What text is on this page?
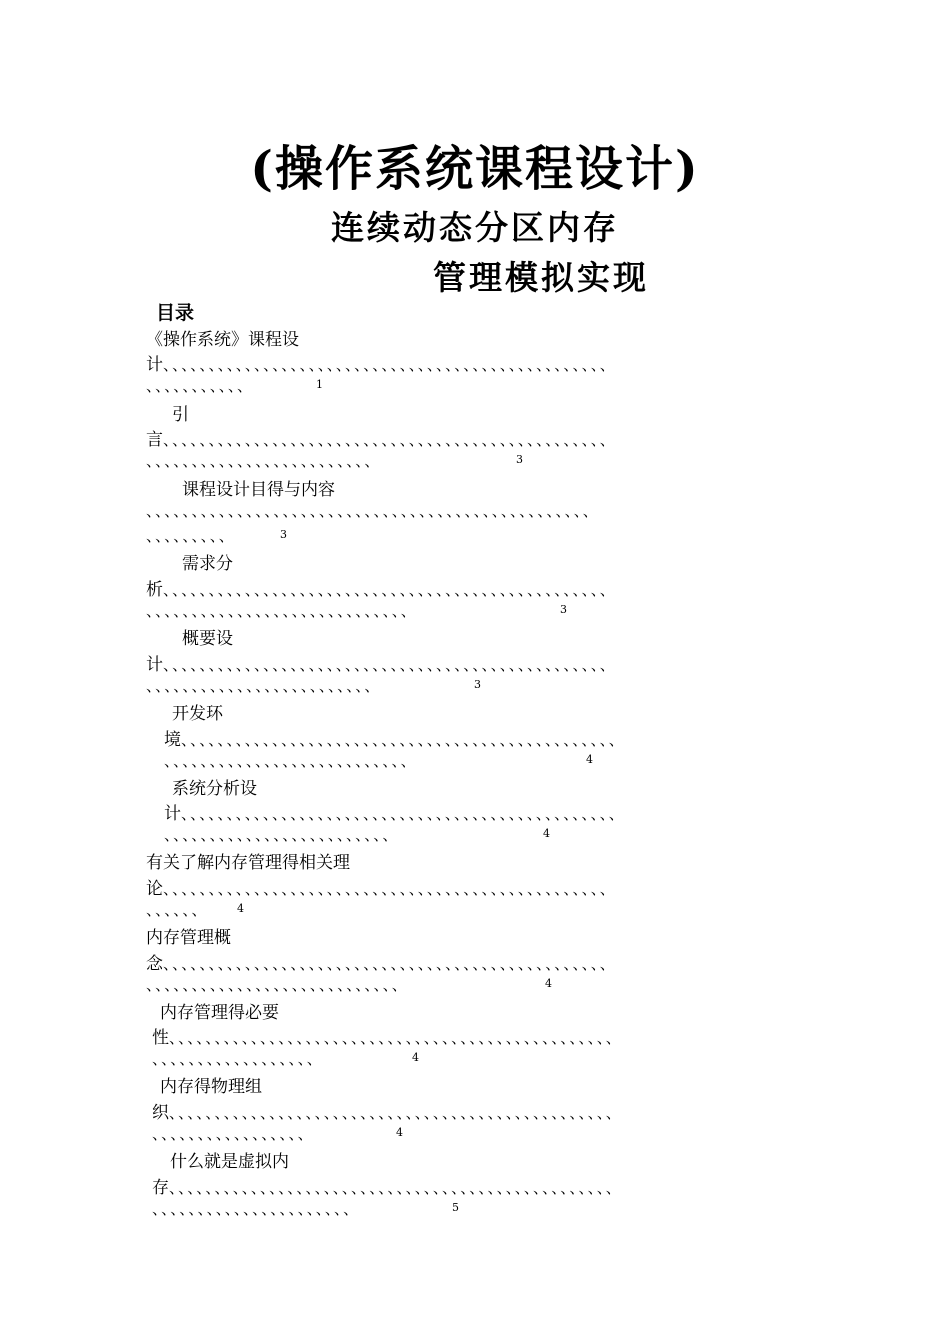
(操作系统课程设计)
连续动态分区内存
管理模拟实现
目录
《操作系统》课程设
计、、、、、、、、、、、、、、、、、、、、、、、、、、、、、、、、、、、、、、、、、、、、、、、、、
、、、、、、、、、、、	1
引
言、、、、、、、、、、、、、、、、、、、、、、、、、、、、、、、、、、、、、、、、、、、、、、、、、
、、、、、、、、、、、、、、、、、、、、、、、、、	3
课程设计目得与内容
、、、、、、、、、、、、、、、、、、、、、、、、、、、、、、、、、、、、、、、、、、、、、、、、、
、、、、、、、、、	3
需求分
析、、、、、、、、、、、、、、、、、、、、、、、、、、、、、、、、、、、、、、、、、、、、、、、、、
、、、、、、、、、、、、、、、、、、、、、、、、、、、、、	3
概要设
计、、、、、、、、、、、、、、、、、、、、、、、、、、、、、、、、、、、、、、、、、、、、、、、、、
、、、、、、、、、、、、、、、、、、、、、、、、、	3
开发环
境、、、、、、、、、、、、、、、、、、、、、、、、、、、、、、、、、、、、、、、、、、、、、、、、
、、、、、、、、、、、、、、、、、、、、、、、、、、、	4
系统分析设
计、、、、、、、、、、、、、、、、、、、、、、、、、、、、、、、、、、、、、、、、、、、、、、、、
、、、、、、、、、、、、、、、、、、、、、、、、、	4
有关了解内存管理得相关理
论、、、、、、、、、、、、、、、、、、、、、、、、、、、、、、、、、、、、、、、、、、、、、、、、、
、、、、、、	4
内存管理概
念、、、、、、、、、、、、、、、、、、、、、、、、、、、、、、、、、、、、、、、、、、、、、、、、、
、、、、、、、、、、、、、、、、、、、、、、、、、、、、	4
内存管理得必要
性、、、、、、、、、、、、、、、、、、、、、、、、、、、、、、、、、、、、、、、、、、、、、、、、、
、、、、、、、、、、、、、、、、、、	4
内存得物理组
织、、、、、、、、、、、、、、、、、、、、、、、、、、、、、、、、、、、、、、、、、、、、、、、、、
、、、、、、、、、、、、、、、、、	4
什么就是虚拟内
存、、、、、、、、、、、、、、、、、、、、、、、、、、、、、、、、、、、、、、、、、、、、、、、、、
、、、、、、、、、、、、、、、、、、、、、、	5
